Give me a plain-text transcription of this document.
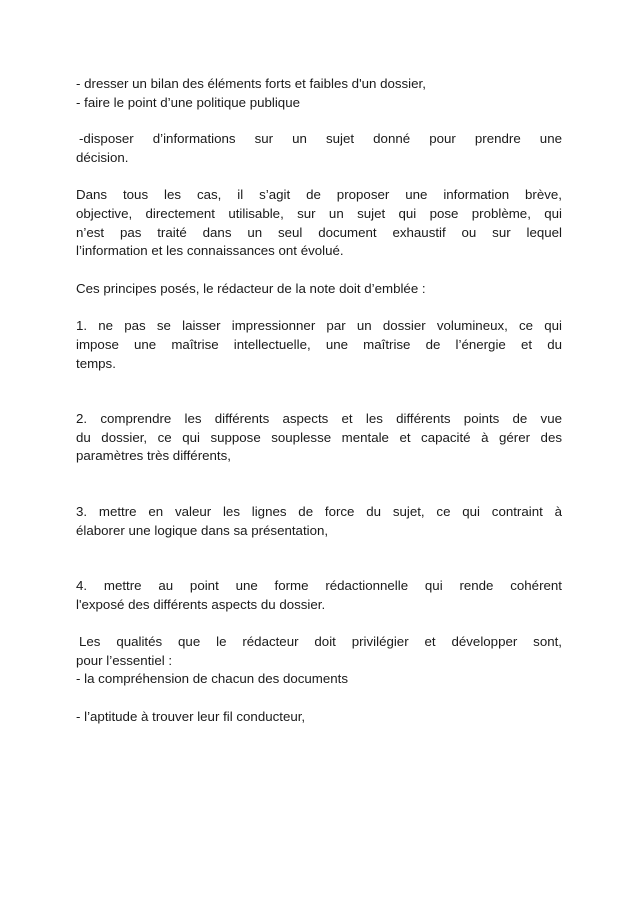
- dresser un bilan des éléments forts et faibles d'un dossier,
- faire le point d’une politique publique
-disposer d’informations sur un sujet donné pour prendre une
décision.
Dans tous les cas, il s’agit de proposer une information brève,
objective, directement utilisable, sur un sujet qui pose problème, qui
n’est pas traité dans un seul document exhaustif ou sur lequel
l’information et les connaissances ont évolué.
Ces principes posés, le rédacteur de la note doit d’emblée :
1. ne pas se laisser impressionner par un dossier volumineux, ce qui
impose une maîtrise intellectuelle, une maîtrise de l’énergie et du
temps.
2. comprendre les différents aspects et les différents points de vue
du dossier, ce qui suppose souplesse mentale et capacité à gérer des
paramètres très différents,
3. mettre en valeur les lignes de force du sujet, ce qui contraint à
élaborer une logique dans sa présentation,
4. mettre au point une forme rédactionnelle qui rende cohérent
l'exposé des différents aspects du dossier.
Les qualités que le rédacteur doit privilégier et développer sont,
pour l’essentiel :
- la compréhension de chacun des documents
- l’aptitude à trouver leur fil conducteur,
